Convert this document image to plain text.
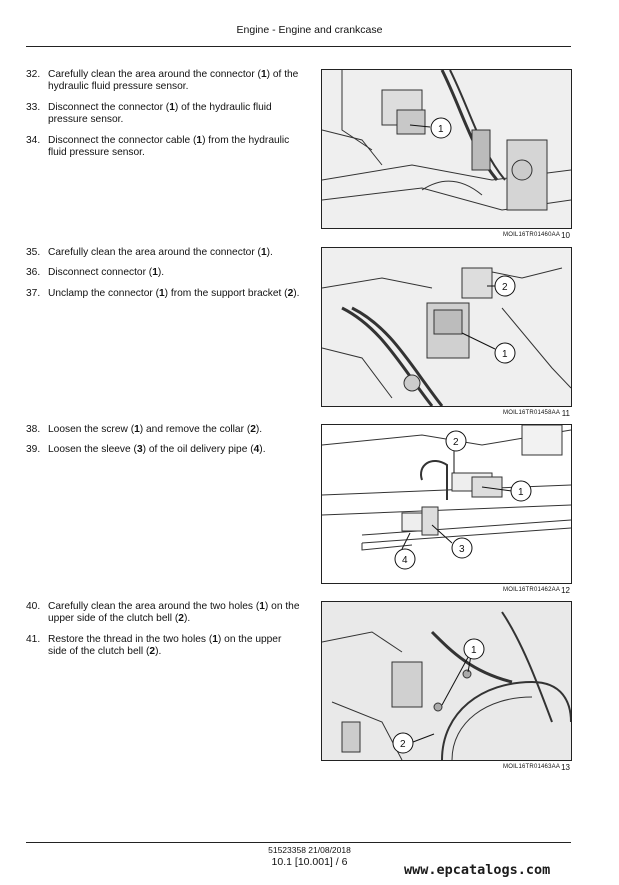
Engine - Engine and crankcase
32. Carefully clean the area around the connector (1) of the hydraulic fluid pressure sensor.
33. Disconnect the connector (1) of the hydraulic fluid pressure sensor.
34. Disconnect the connector cable (1) from the hydraulic fluid pressure sensor.
1
MOIL16TR01460AA 10
35. Carefully clean the area around the connector (1).
36. Disconnect connector (1).
37. Unclamp the connector (1) from the support bracket (2).
2
1
MOIL16TR01458AA 11
38. Loosen the screw (1) and remove the collar (2).
39. Loosen the sleeve (3) of the oil delivery pipe (4).
2
1
3
4
MOIL16TR01462AA 12
40. Carefully clean the area around the two holes (1) on the upper side of the clutch bell (2).
41. Restore the thread in the two holes (1) on the upper side of the clutch bell (2).	1
2
MOIL16TR01463AA 13
51523358 21/08/2018
10.1 [10.001] / 6	www.epcatalogs.com
